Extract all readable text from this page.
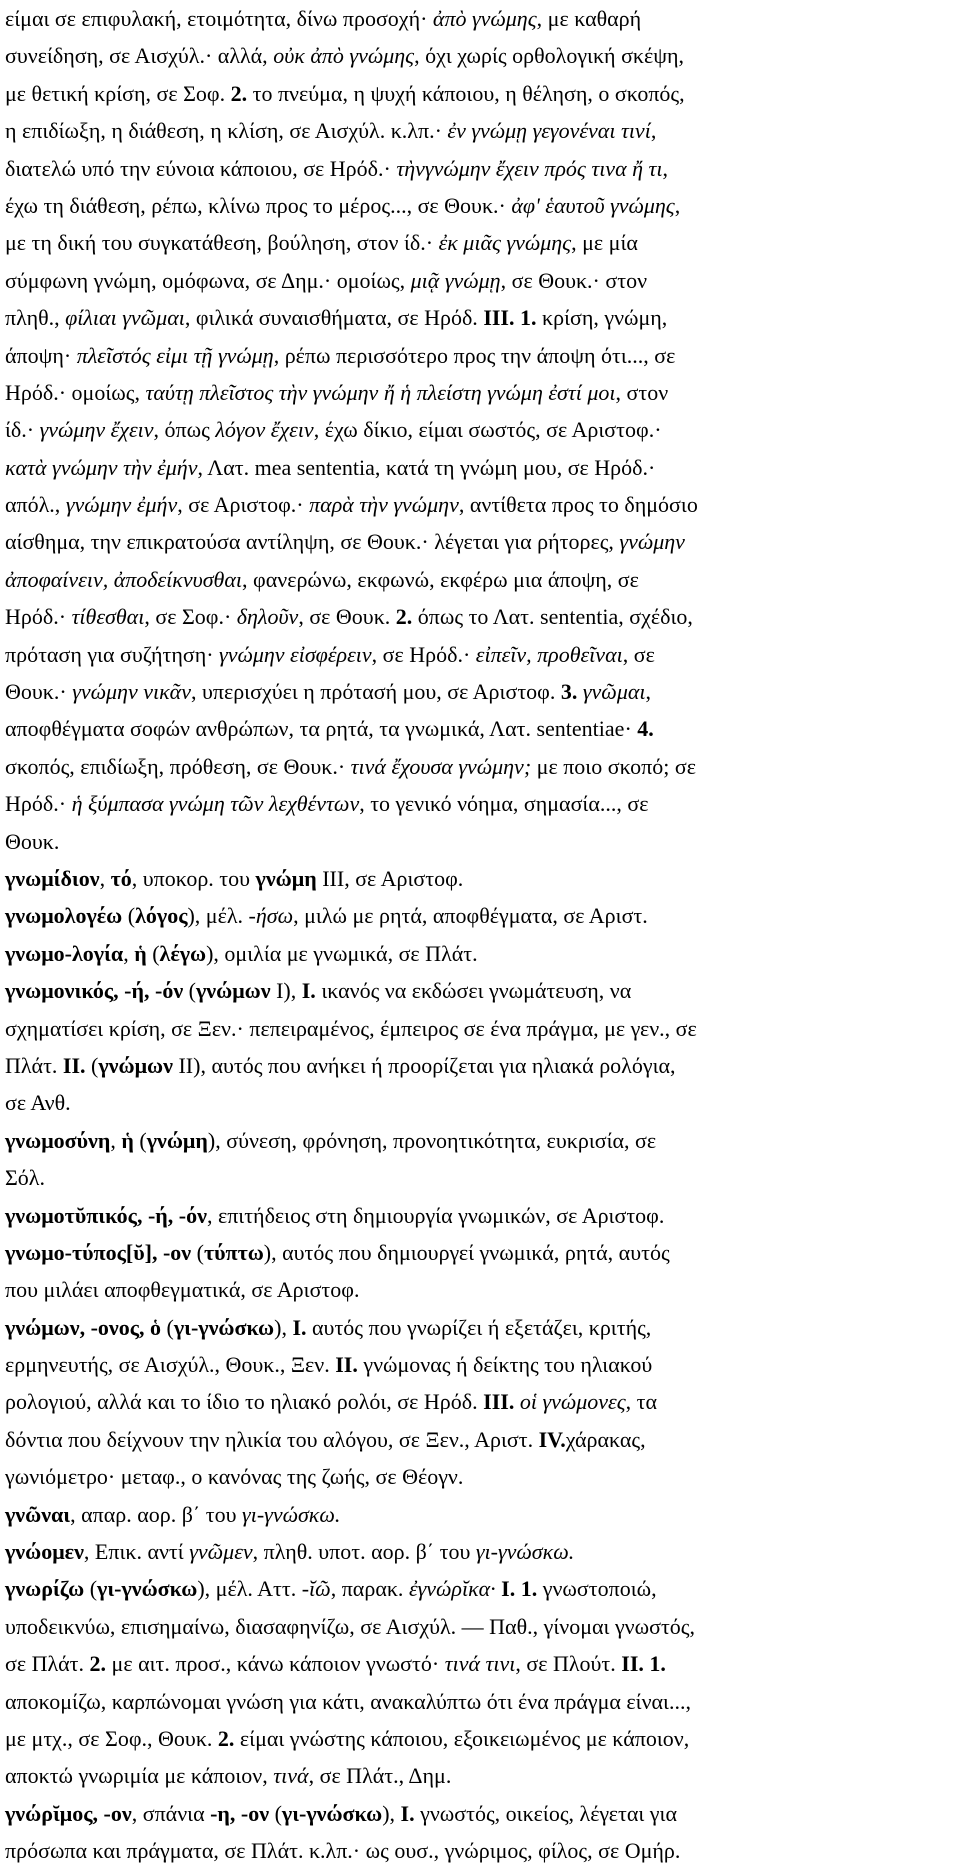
είμαι σε επιφυλακή, ετοιμότητα, δίνω προσοχή· ἀπὸ γνώμης, με καθαρή
συνείδηση, σε Αισχύλ.· αλλά, οὐκ ἀπὸ γνώμης, όχι χωρίς ορθολογική σκέψη,
με θετική κρίση, σε Σοφ. 2. το πνεύμα, η ψυχή κάποιου, η θέληση, ο σκοπός,
η επιδίωξη, η διάθεση, η κλίση, σε Αισχύλ. κ.λπ.· ἐν γνώμῃ γεγονέναι τινί,
διατελώ υπό την εύνοια κάποιου, σε Ηρόδ.· τὴνγνώμην ἔχειν πρός τινα ἤ τι,
έχω τη διάθεση, ρέπω, κλίνω προς το μέρος..., σε Θουκ.· ἀφ' ἑαυτοῦ γνώμης,
με τη δική του συγκατάθεση, βούληση, στον ίδ.· ἐκ μιᾶς γνώμης, με μία
σύμφωνη γνώμη, ομόφωνα, σε Δημ.· ομοίως, μιᾷ γνώμῃ, σε Θουκ.· στον
πληθ., φίλιαι γνῶμαι, φιλικά συναισθήματα, σε Ηρόδ. III. 1. κρίση, γνώμη,
άποψη· πλεῖστός εἰμι τῇ γνώμῃ, ρέπω περισσότερο προς την άποψη ότι..., σε
Ηρόδ.· ομοίως, ταύτῃ πλεῖστος τὴν γνώμην ἤ ἡ πλείστη γνώμη ἐστί μοι, στον
ίδ.· γνώμην ἔχειν, όπως λόγον ἔχειν, έχω δίκιο, είμαι σωστός, σε Αριστοφ.·
κατὰ γνώμην τὴν ἐμήν, Λατ. mea sententia, κατά τη γνώμη μου, σε Ηρόδ.·
απόλ., γνώμην ἐμήν, σε Αριστοφ.· παρὰ τὴν γνώμην, αντίθετα προς το δημόσιο
αίσθημα, την επικρατούσα αντίληψη, σε Θουκ.· λέγεται για ρήτορες, γνώμην
ἀποφαίνειν, ἀποδείκνυσθαι, φανερώνω, εκφωνώ, εκφέρω μια άποψη, σε
Ηρόδ.· τίθεσθαι, σε Σοφ.· δηλοῦν, σε Θουκ. 2. όπως το Λατ. sententia, σχέδιο,
πρόταση για συζήτηση· γνώμην εἰσφέρειν, σε Ηρόδ.· εἰπεῖν, προθεῖναι, σε
Θουκ.· γνώμην νικᾶν, υπερισχύει η πρότασή μου, σε Αριστοφ. 3. γνῶμαι,
αποφθέγματα σοφών ανθρώπων, τα ρητά, τα γνωμικά, Λατ. sententiae· 4.
σκοπός, επιδίωξη, πρόθεση, σε Θουκ.· τινά ἔχουσα γνώμην; με ποιο σκοπό; σε
Ηρόδ.· ἡ ξύμπασα γνώμη τῶν λεχθέντων, το γενικό νόημα, σημασία..., σε
Θουκ.
γνωμίδιον, τό, υποκορ. του γνώμη III, σε Αριστοφ.
γνωμολογέω (λόγος), μέλ. -ήσω, μιλώ με ρητά, αποφθέγματα, σε Αριστ.
γνωμο-λογία, ἡ (λέγω), ομιλία με γνωμικά, σε Πλάτ.
γνωμονικός, -ή, -όν (γνώμων I), I. ικανός να εκδώσει γνωμάτευση, να
σχηματίσει κρίση, σε Ξεν.· πεπειραμένος, έμπειρος σε ένα πράγμα, με γεν., σε
Πλάτ. II. (γνώμων II), αυτός που ανήκει ή προορίζεται για ηλιακά ρολόγια,
σε Ανθ.
γνωμοσύνη, ἡ (γνώμη), σύνεση, φρόνηση, προνοητικότητα, ευκρισία, σε
Σόλ.
γνωμοτῠπικός, -ή, -όν, επιτήδειος στη δημιουργία γνωμικών, σε Αριστοφ.
γνωμο-τύπος[ῠ], -ον (τύπτω), αυτός που δημιουργεί γνωμικά, ρητά, αυτός
που μιλάει αποφθεγματικά, σε Αριστοφ.
γνώμων, -ονος, ὁ (γι-γνώσκω), I. αυτός που γνωρίζει ή εξετάζει, κριτής,
ερμηνευτής, σε Αισχύλ., Θουκ., Ξεν. II. γνώμονας ή δείκτης του ηλιακού
ρολογιού, αλλά και το ίδιο το ηλιακό ρολόι, σε Ηρόδ. III. οἱ γνώμονες, τα
δόντια που δείχνουν την ηλικία του αλόγου, σε Ξεν., Αριστ. IV.χάρακας,
γωνιόμετρο· μεταφ., ο κανόνας της ζωής, σε Θέογν.
γνῶναι, απαρ. αορ. β΄ του γι-γνώσκω.
γνώομεν, Επικ. αντί γνῶμεν, πληθ. υποτ. αορ. β΄ του γι-γνώσκω.
γνωρίζω (γι-γνώσκω), μέλ. Αττ. -ῐῶ, παρακ. ἐγνώρῐκα· I. 1. γνωστοποιώ,
υποδεικνύω, επισημαίνω, διασαφηνίζω, σε Αισχύλ. ― Παθ., γίνομαι γνωστός,
σε Πλάτ. 2. με αιτ. προσ., κάνω κάποιον γνωστό· τινά τινι, σε Πλούτ. II. 1.
αποκομίζω, καρπώνομαι γνώση για κάτι, ανακαλύπτω ότι ένα πράγμα είναι...,
με μτχ., σε Σοφ., Θουκ. 2. είμαι γνώστης κάποιου, εξοικειωμένος με κάποιον,
αποκτώ γνωριμία με κάποιον, τινά, σε Πλάτ., Δημ.
γνώρῐμος, -ον, σπάνια -η, -ον (γι-γνώσκω), I. γνωστός, οικείος, λέγεται για
πρόσωπα και πράγματα, σε Πλάτ. κ.λπ.· ως ουσ., γνώριμος, φίλος, σε Ομήρ.
